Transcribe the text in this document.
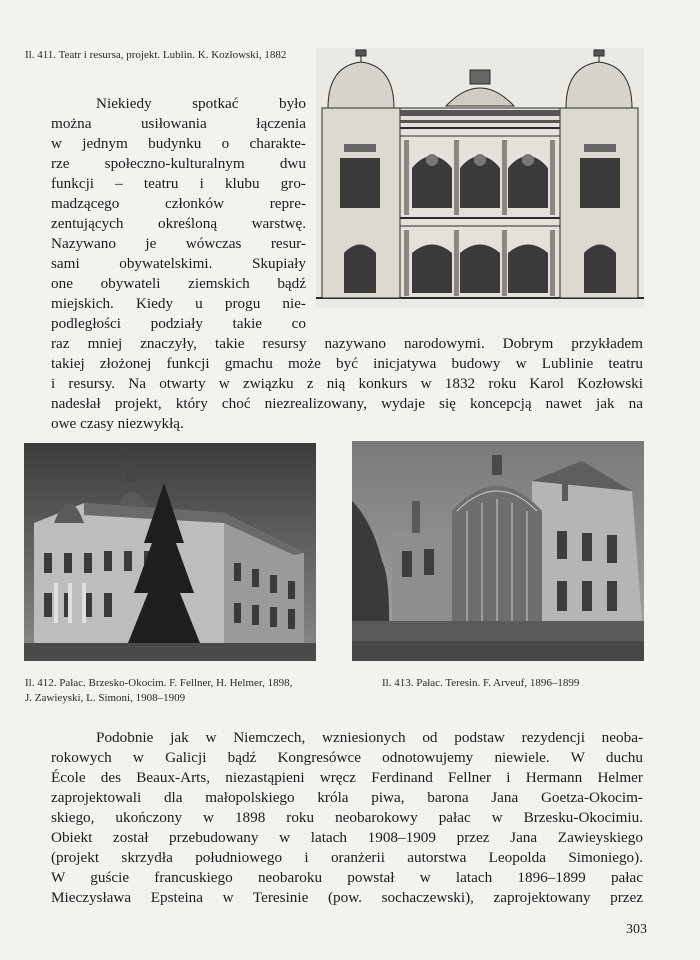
Il. 411. Teatr i resursa, projekt. Lublin. K. Kozłowski, 1882
Niekiedy spotkać było
można usiłowania łączenia
w jednym budynku o charakte-
rze społeczno-kulturalnym dwu
funkcji – teatru i klubu gro-
madzącego członków repre-
zentujących określoną warstwę.
Nazywano je wówczas resur-
sami obywatelskimi. Skupiały
one obywateli ziemskich bądź
miejskich. Kiedy u progu nie-
podległości podziały takie co
raz mniej znaczyły, takie resursy nazywano narodowymi. Dobrym przykładem
takiej złożonej funkcji gmachu może być inicjatywa budowy w Lublinie teatru
i resursy. Na otwarty w związku z nią konkurs w 1832 roku Karol Kozłowski
nadesłał projekt, który choć niezrealizowany, wydaje się koncepcją nawet jak na
owe czasy niezwykłą.
Il. 412. Pałac. Brzesko-Okocim. F. Fellner, H. Helmer, 1898,
J. Zawieyski, L. Simoni, 1908–1909
Il. 413. Pałac. Teresin. F. Arveuf, 1896–1899
Podobnie jak w Niemczech, wzniesionych od podstaw rezydencji neoba-
rokowych w Galicji bądź Kongresówce odnotowujemy niewiele. W duchu
École des Beaux-Arts, niezastąpieni wręcz Ferdinand Fellner i Hermann Helmer
zaprojektowali dla małopolskiego króla piwa, barona Jana Goetza-Okocim-
skiego, ukończony w 1898 roku neobarokowy pałac w Brzesku-Okocimiu.
Obiekt został przebudowany w latach 1908–1909 przez Jana Zawieyskiego
(projekt skrzydła południowego i oranżerii autorstwa Leopolda Simoniego).
W guście francuskiego neobaroku powstał w latach 1896–1899 pałac
Mieczysława Epsteina w Teresinie (pow. sochaczewski), zaprojektowany przez
303
